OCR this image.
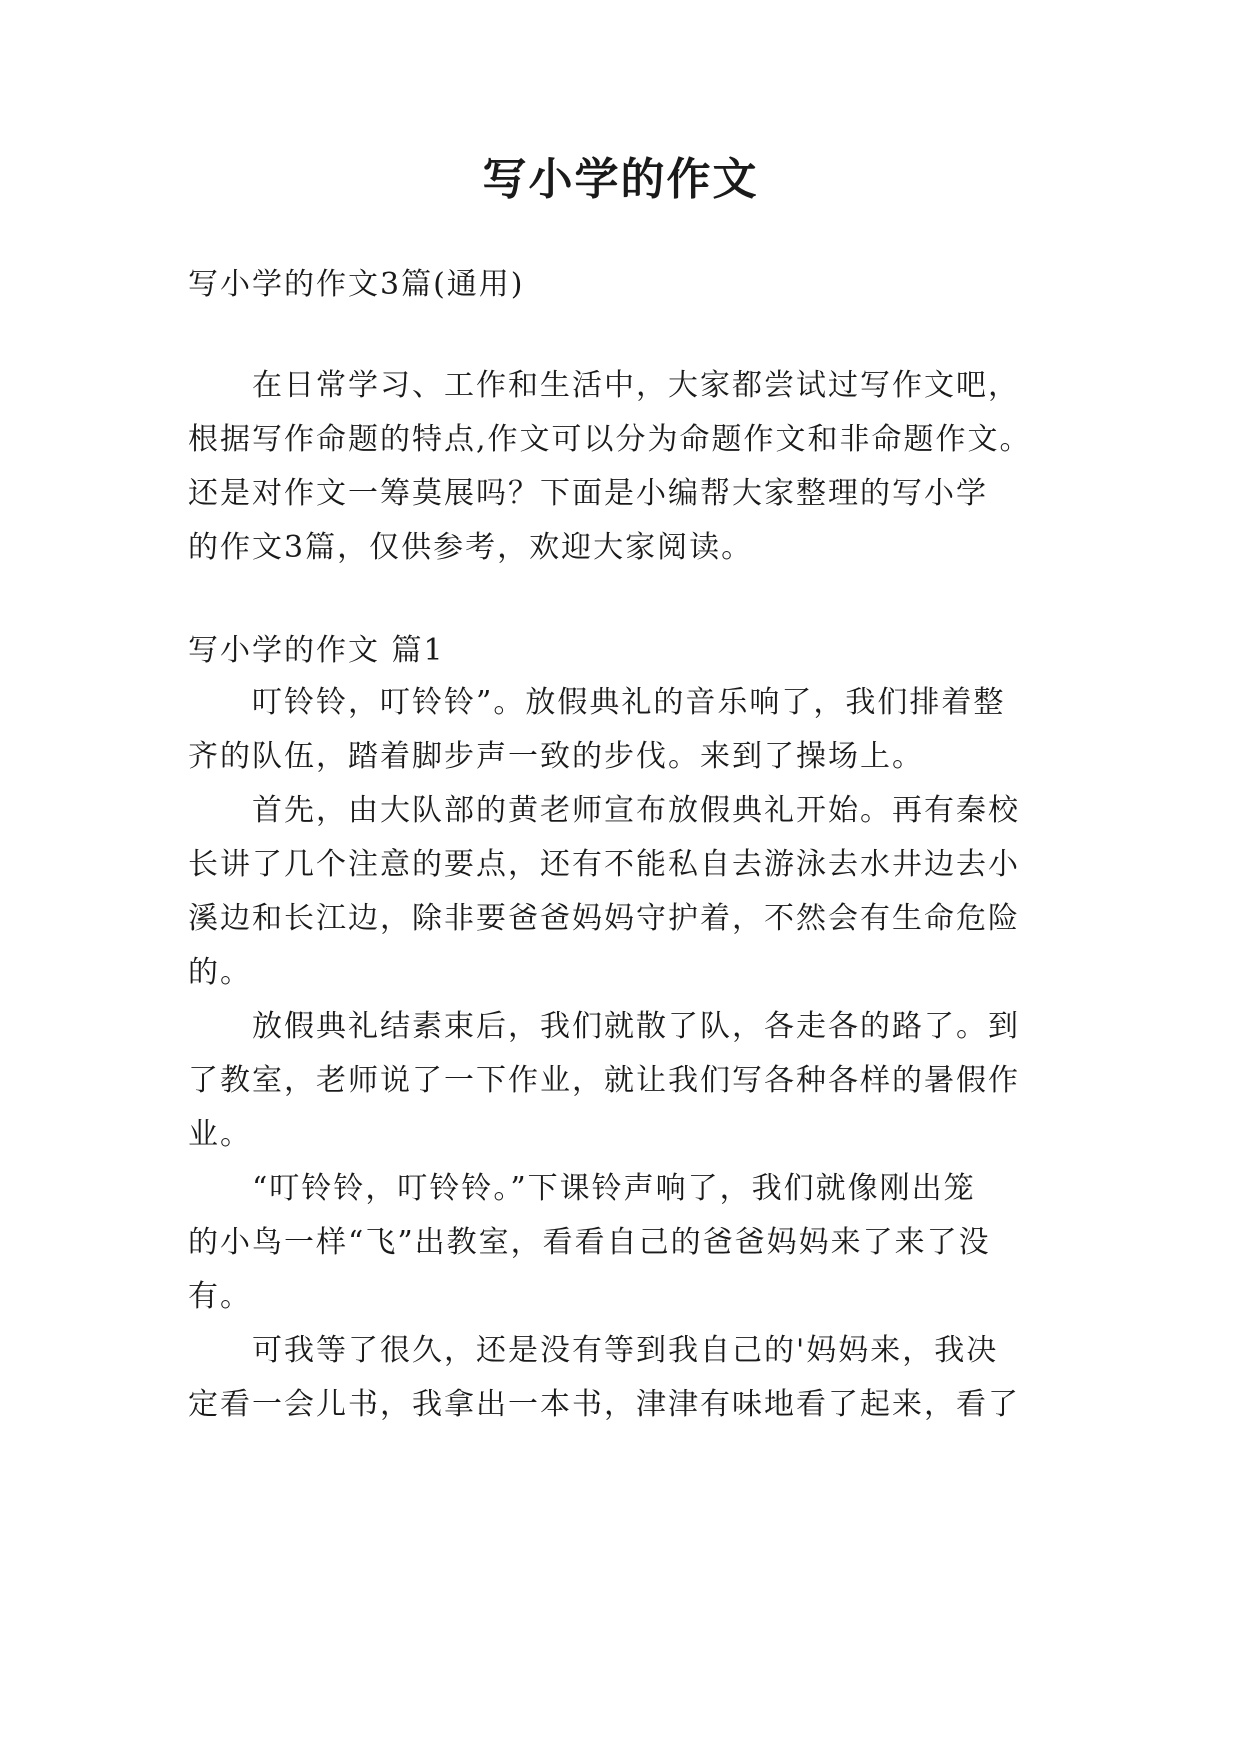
写小学的作文
写小学的作文3篇(通用)
在日常学习、工作和生活中，大家都尝试过写作文吧，
根据写作命题的特点,作文可以分为命题作文和非命题作文。
还是对作文一筹莫展吗？下面是小编帮大家整理的写小学
的作文3篇，仅供参考，欢迎大家阅读。
写小学的作文 篇1
叮铃铃，叮铃铃”。放假典礼的音乐响了，我们排着整
齐的队伍，踏着脚步声一致的步伐。来到了操场上。
首先，由大队部的黄老师宣布放假典礼开始。再有秦校
长讲了几个注意的要点，还有不能私自去游泳去水井边去小
溪边和长江边，除非要爸爸妈妈守护着，不然会有生命危险
的。
放假典礼结素束后，我们就散了队，各走各的路了。到
了教室，老师说了一下作业，就让我们写各种各样的暑假作
业。
“叮铃铃，叮铃铃。”下课铃声响了，我们就像刚出笼
的小鸟一样“飞”出教室，看看自己的爸爸妈妈来了来了没
有。
可我等了很久，还是没有等到我自己的'妈妈来，我决
定看一会儿书，我拿出一本书，津津有味地看了起来，看了
